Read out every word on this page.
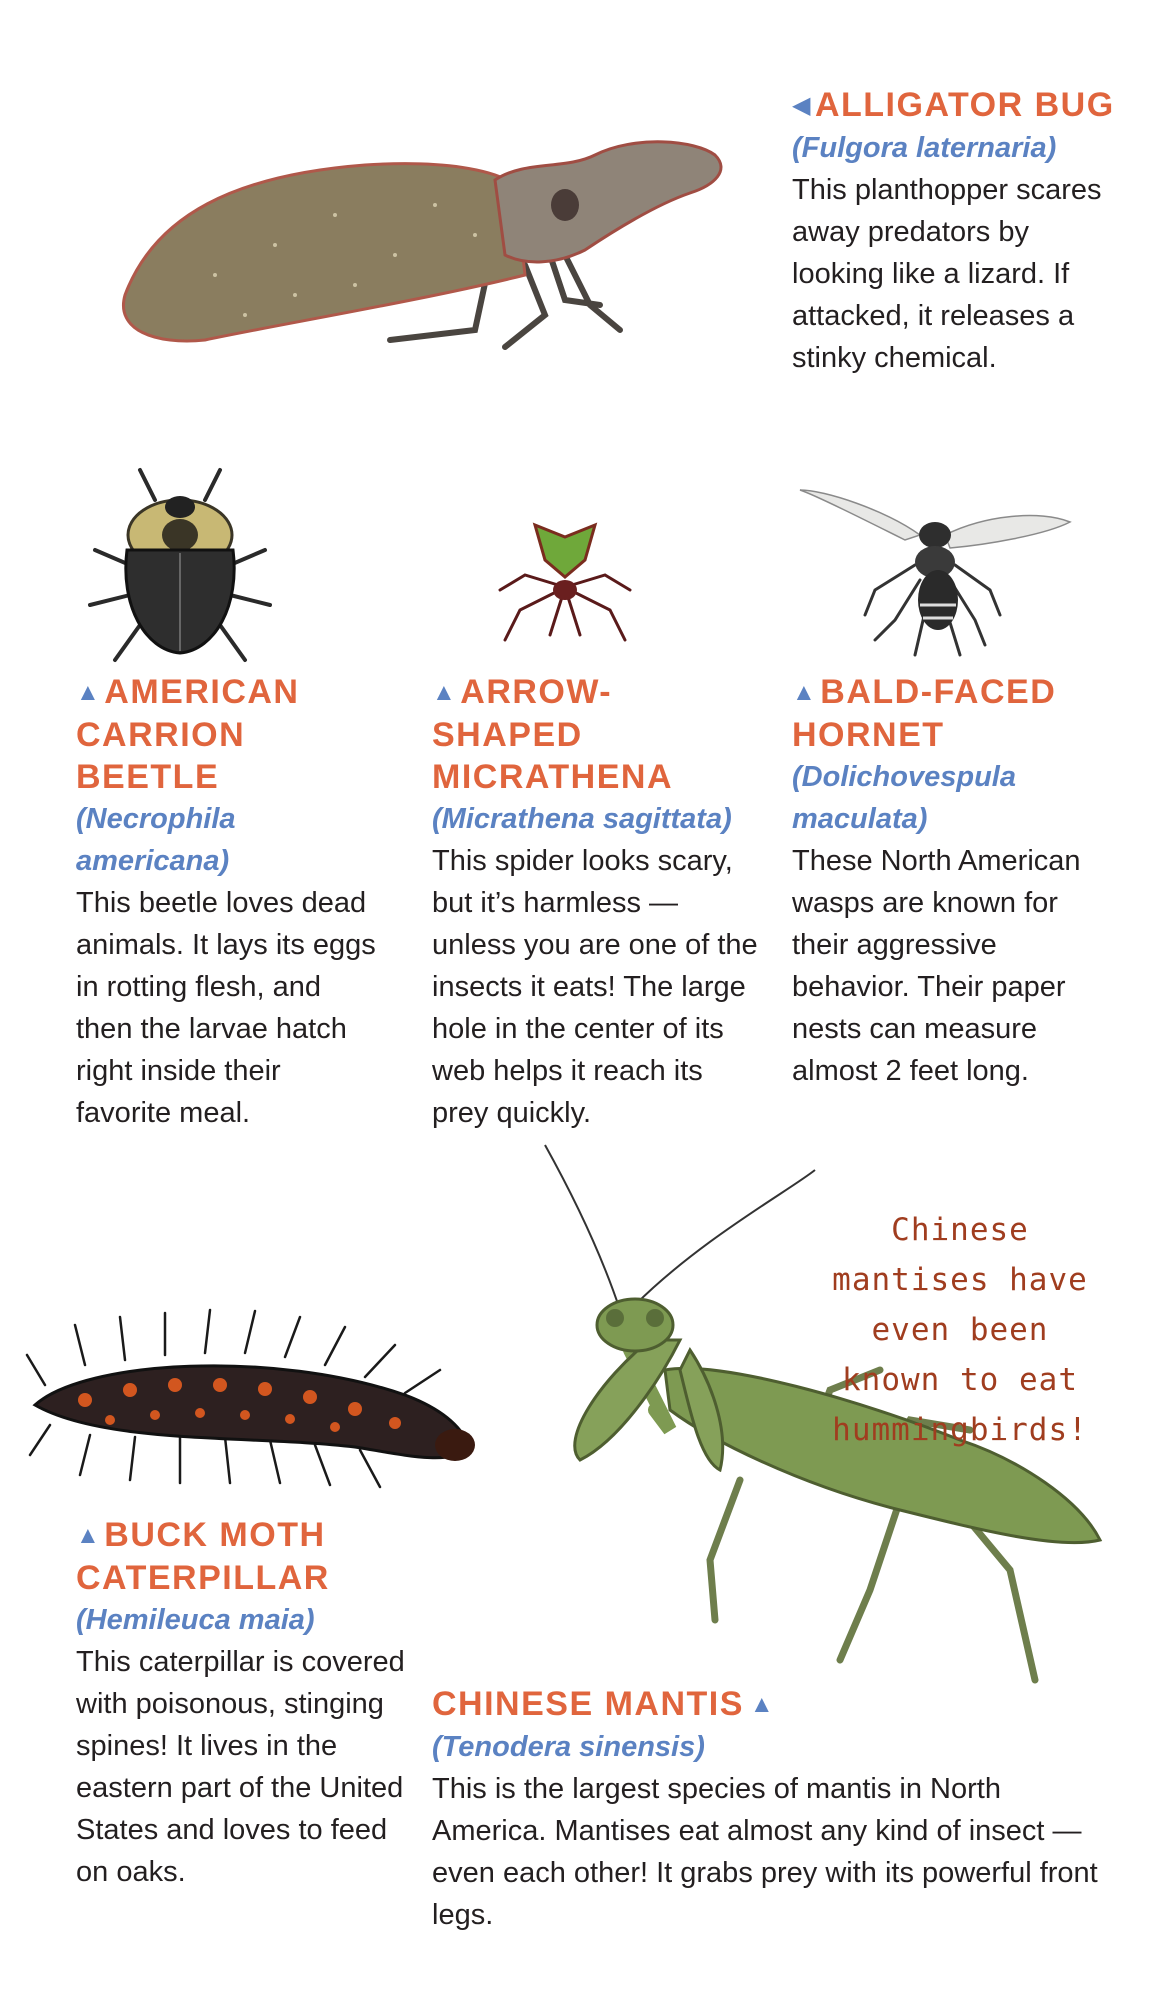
◀ALLIGATOR BUG
(Fulgora laternaria)
This planthopper scares away predators by looking like a lizard. If attacked, it releases a stinky chemical.
▲AMERICAN CARRION BEETLE
(Necrophila americana)
This beetle loves dead animals. It lays its eggs in rotting flesh, and then the larvae hatch right inside their favorite meal.
▲ARROW-SHAPED MICRATHENA
(Micrathena sagittata)
This spider looks scary, but it’s harmless — unless you are one of the insects it eats! The large hole in the center of its web helps it reach its prey quickly.
▲BALD-FACED HORNET
(Dolichovespula maculata)
These North American wasps are known for their aggressive behavior. Their paper nests can measure almost 2 feet long.
Chinese mantises have even been known to eat hummingbirds!
▲BUCK MOTH CATERPILLAR
(Hemileuca maia)
This caterpillar is covered with poisonous, stinging spines! It lives in the eastern part of the United States and loves to feed on oaks.
CHINESE MANTIS ▲
(Tenodera sinensis)
This is the largest species of mantis in North America. Mantises eat almost any kind of insect — even each other! It grabs prey with its powerful front legs.
